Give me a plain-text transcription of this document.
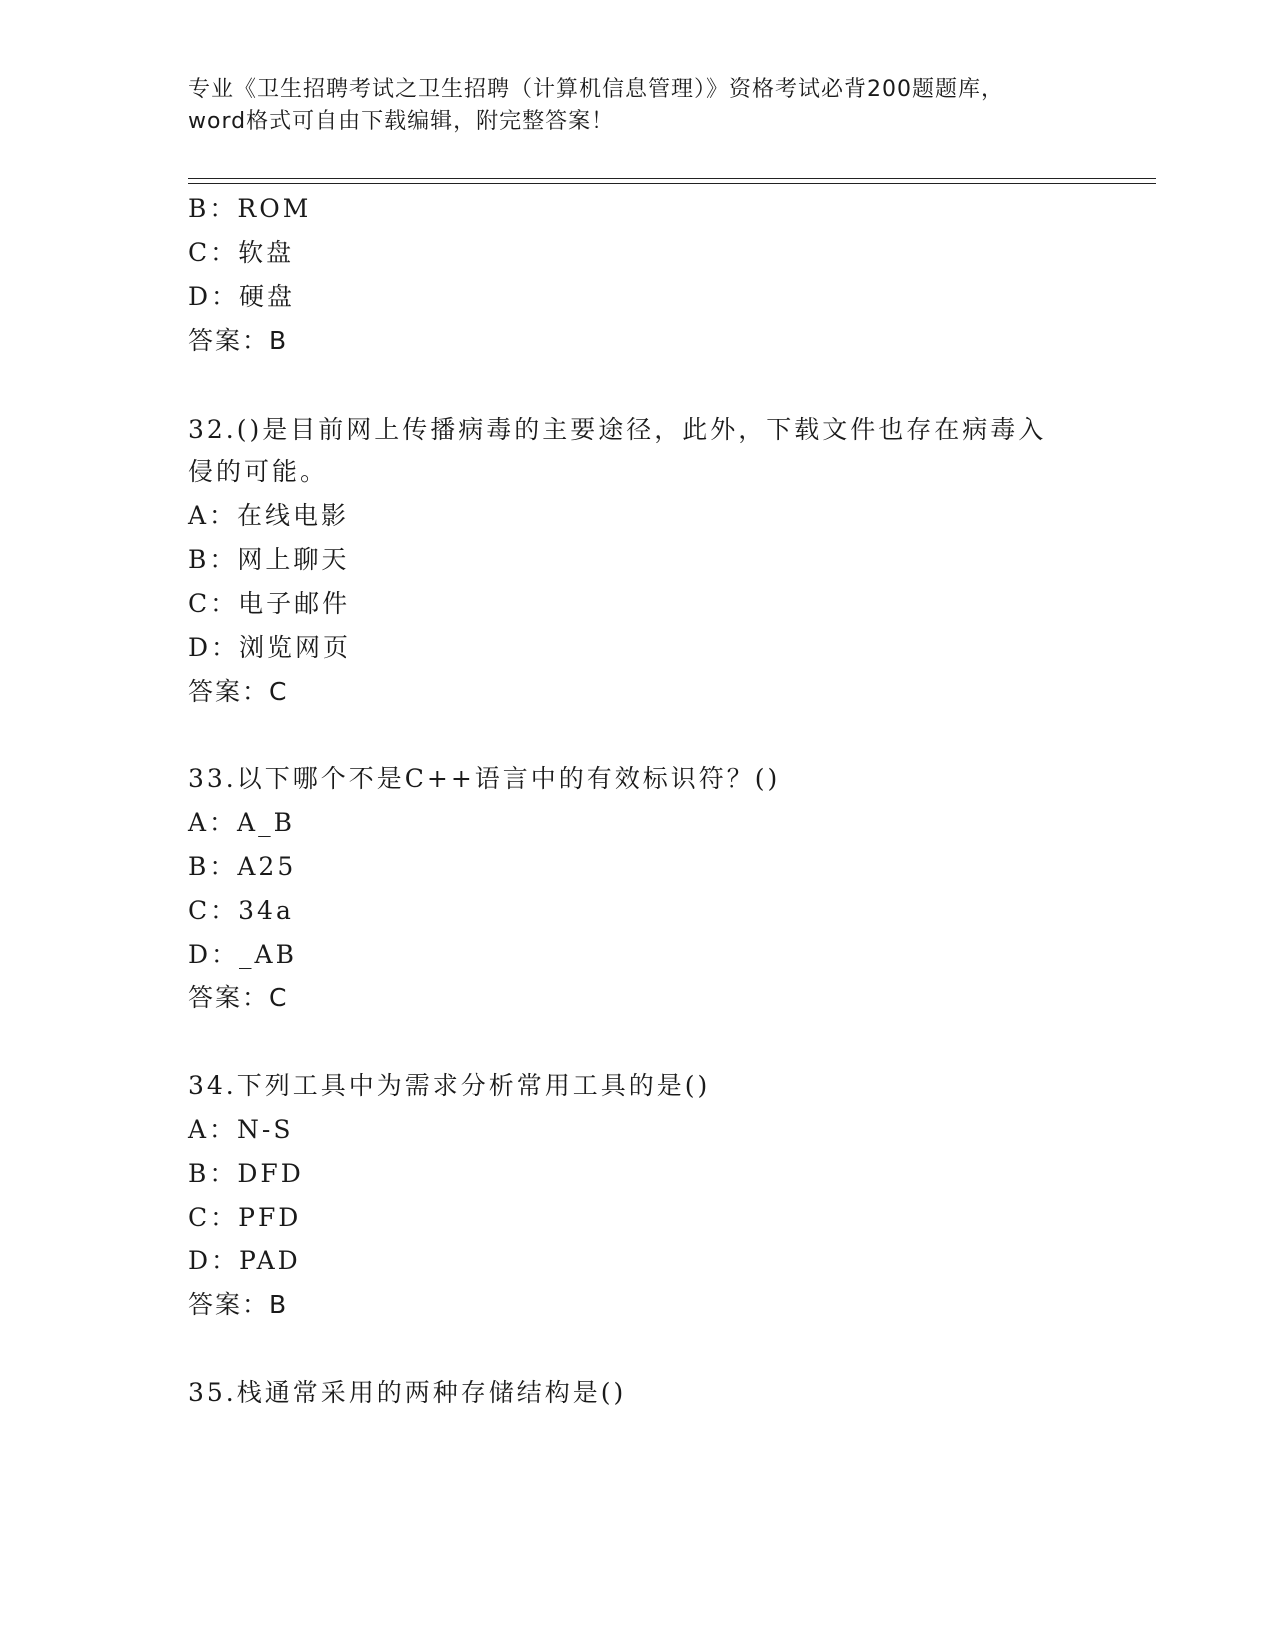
专业《卫生招聘考试之卫生招聘（计算机信息管理）》资格考试必背200题题库，
word格式可自由下载编辑，附完整答案！
B：ROM
C：软盘
D：硬盘
答案：B
32.()是目前网上传播病毒的主要途径，此外，下载文件也存在病毒入
侵的可能。
A：在线电影
B：网上聊天
C：电子邮件
D：浏览网页
答案：C
33.以下哪个不是C++语言中的有效标识符？()
A：A_B
B：A25
C：34a
D：_AB
答案：C
34.下列工具中为需求分析常用工具的是()
A：N-S
B：DFD
C：PFD
D：PAD
答案：B
35.栈通常采用的两种存储结构是()
